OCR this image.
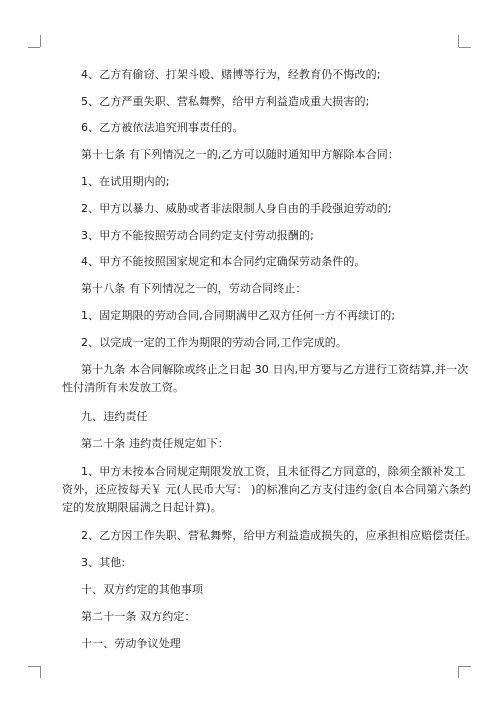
4、乙方有偷窃、打架斗殴、赌博等行为，经教育仍不悔改的;

5、乙方严重失职、营私舞弊，给甲方利益造成重大损害的;

6、乙方被依法追究刑事责任的。

第十七条 有下列情况之一的,乙方可以随时通知甲方解除本合同：

1、在试用期内的;

2、甲方以暴力、威胁或者非法限制人身自由的手段强迫劳动的;

3、甲方不能按照劳动合同约定支付劳动报酬的;

4、甲方不能按照国家规定和本合同约定确保劳动条件的。

第十八条 有下列情况之一的，劳动合同终止：

1、固定期限的劳动合同,合同期满甲乙双方任何一方不再续订的;

2、以完成一定的工作为期限的劳动合同,工作完成的。

第十九条 本合同解除或终止之日起 30 日内,甲方要与乙方进行工资结算,并一次

性付清所有未发放工资。

九、违约责任

第二十条 违约责任规定如下：

1、甲方未按本合同规定期限发放工资，且未征得乙方同意的，除须全额补发工

资外，还应按每天￥ 元(人民币大写： )的标准向乙方支付违约金(自本合同第六条约

定的发放期限届满之日起计算)。

2、乙方因工作失职、营私舞弊，给甲方利益造成损失的，应承担相应赔偿责任。

3、其他:

十、双方约定的其他事项

第二十一条 双方约定：

十一、劳动争议处理
